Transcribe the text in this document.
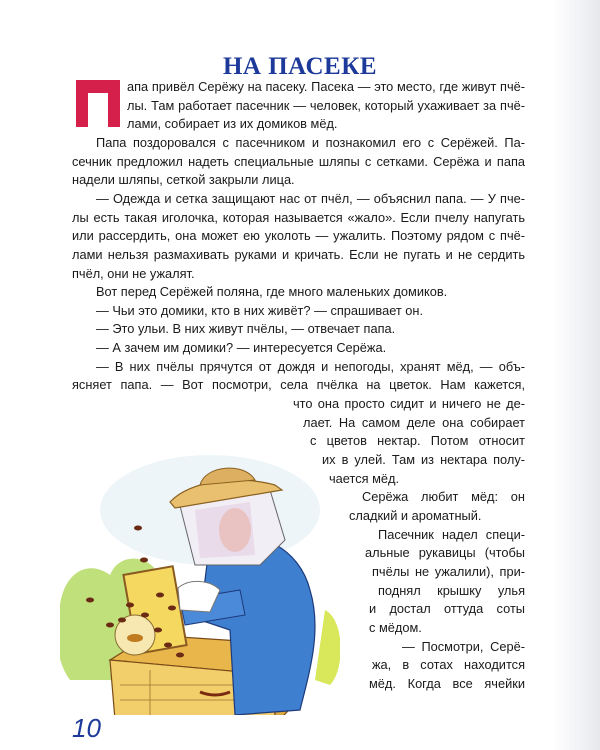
НА ПАСЕКЕ
апа привёл Серёжу на пасеку. Пасека — это место, где живут пчё-
лы. Там работает пасечник — человек, который ухаживает за пчё-
лами, собирает из их домиков мёд.
Папа поздоровался с пасечником и познакомил его с Серёжей. Па-
сечник предложил надеть специальные шляпы с сетками. Серёжа и папа
надели шляпы, сеткой закрыли лица.
— Одежда и сетка защищают нас от пчёл, — объяснил папа. — У пче-
лы есть такая иголочка, которая называется «жало». Если пчелу напугать
или рассердить, она может ею уколоть — ужалить. Поэтому рядом с пчё-
лами нельзя размахивать руками и кричать. Если не пугать и не сердить
пчёл, они не ужалят.
Вот перед Серёжей поляна, где много маленьких домиков.
— Чьи это домики, кто в них живёт? — спрашивает он.
— Это ульи. В них живут пчёлы, — отвечает папа.
— А зачем им домики? — интересуется Серёжа.
— В них пчёлы прячутся от дождя и непогоды, хранят мёд, — объ-
ясняет папа. — Вот посмотри, села пчёлка на цветок. Нам кажется,
что она просто сидит и ничего не де-
лает. На самом деле она собирает
с цветов нектар. Потом относит
их в улей. Там из нектара полу-
чается мёд.
Серёжа любит мёд: он
сладкий и ароматный.
Пасечник надел специ-
альные рукавицы (чтобы
пчёлы не ужалили), при-
поднял крышку улья
и достал оттуда соты
с мёдом.
— Посмотри, Серё-
жа, в сотах находится
мёд. Когда все ячейки
10
